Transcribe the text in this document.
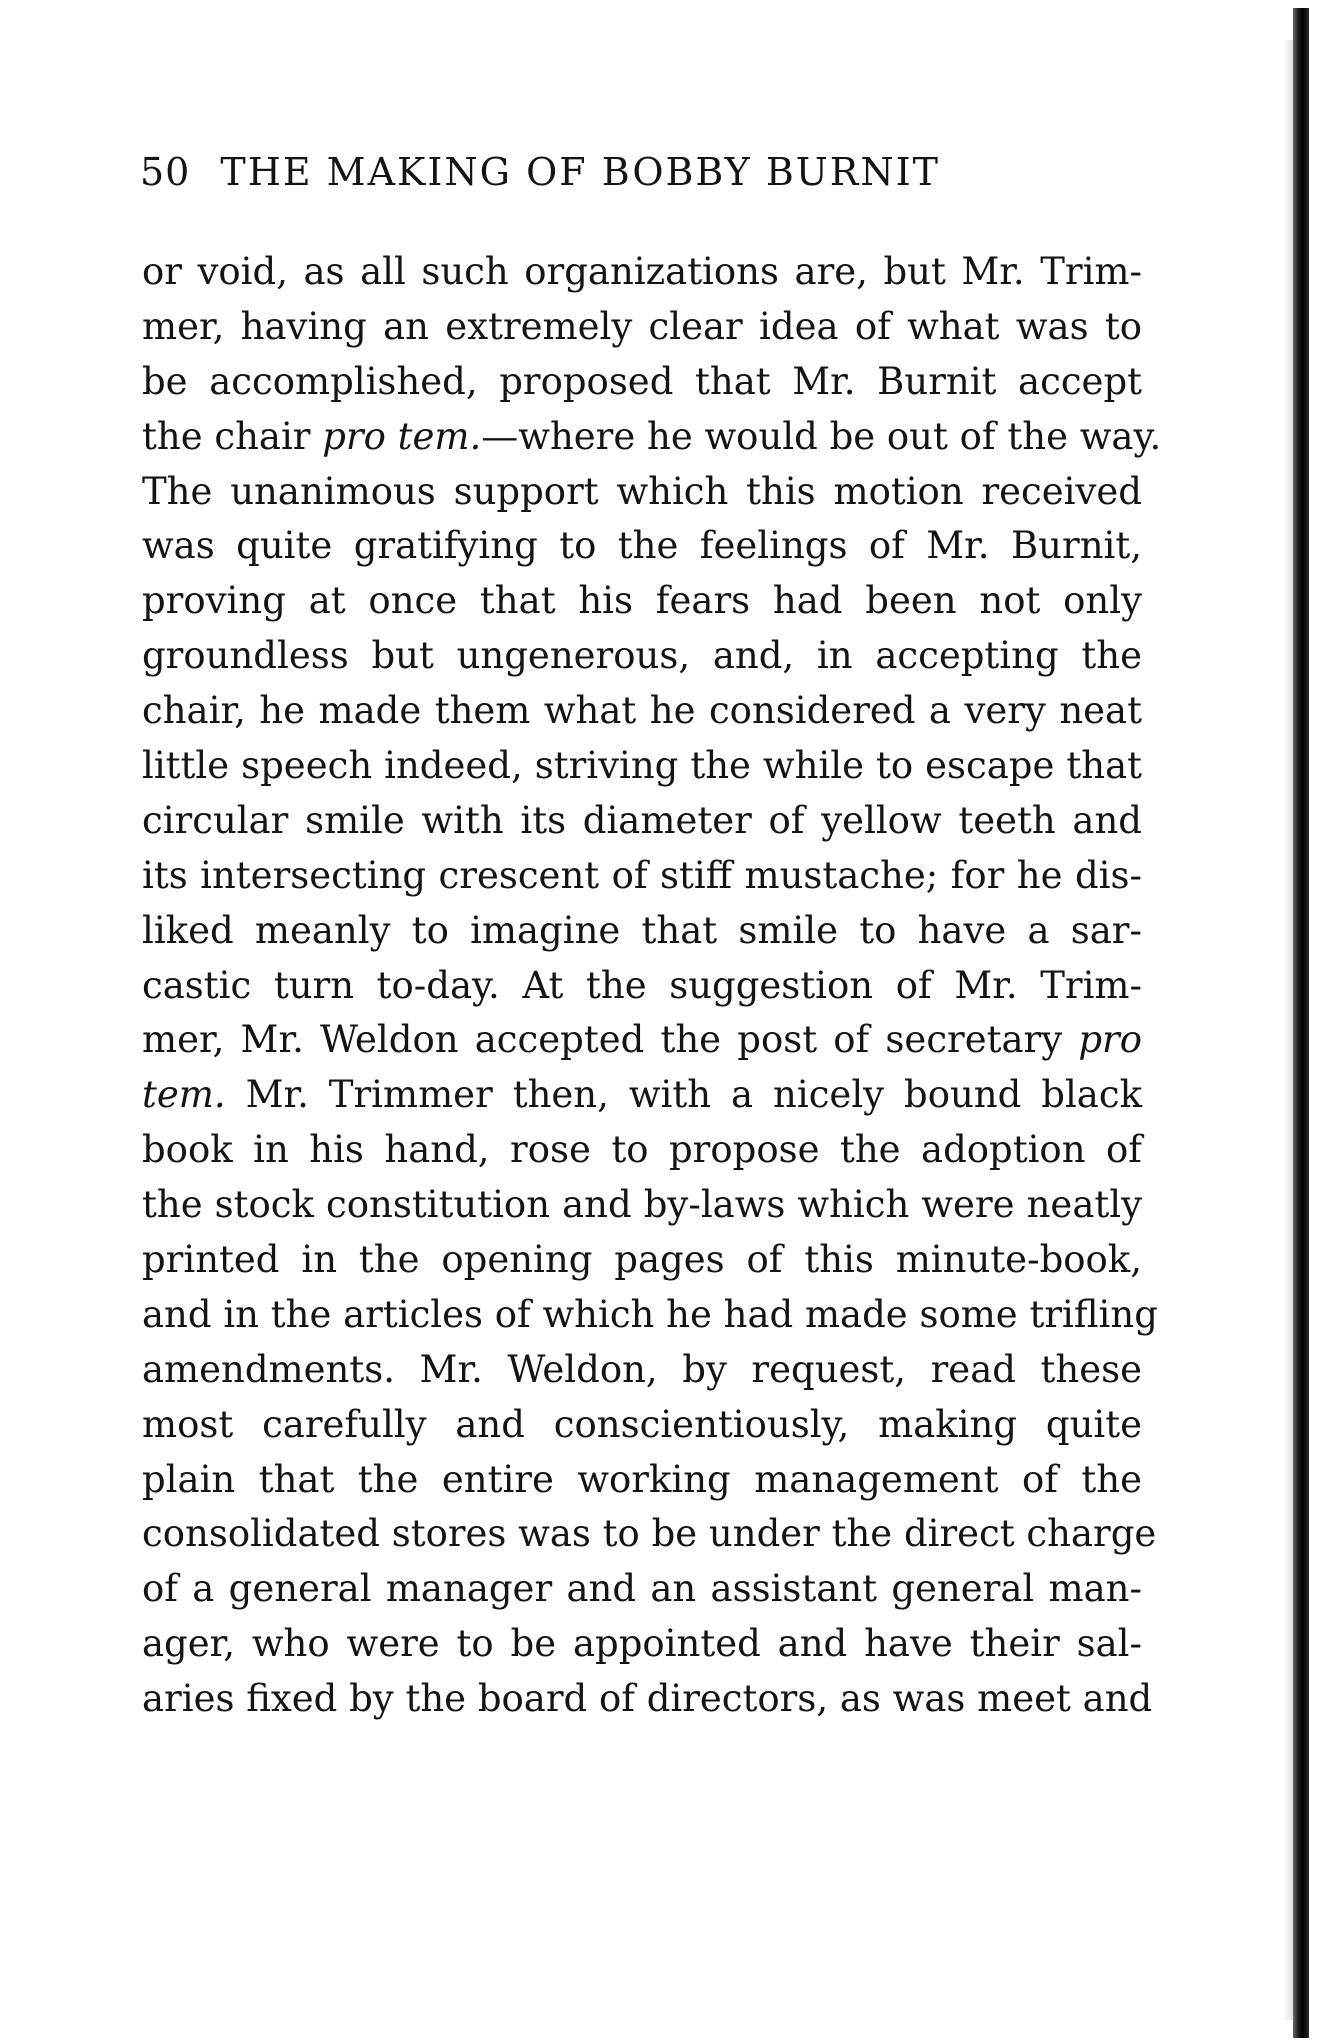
50 THE MAKING OF BOBBY BURNIT
or void, as all such organizations are, but Mr. Trim-
mer, having an extremely clear idea of what was to
be accomplished, proposed that Mr. Burnit accept
the chair pro tem.—where he would be out of the way.
The unanimous support which this motion received
was quite gratifying to the feelings of Mr. Burnit,
proving at once that his fears had been not only
groundless but ungenerous, and, in accepting the
chair, he made them what he considered a very neat
little speech indeed, striving the while to escape that
circular smile with its diameter of yellow teeth and
its intersecting crescent of stiff mustache; for he dis-
liked meanly to imagine that smile to have a sar-
castic turn to-day. At the suggestion of Mr. Trim-
mer, Mr. Weldon accepted the post of secretary pro
tem. Mr. Trimmer then, with a nicely bound black
book in his hand, rose to propose the adoption of
the stock constitution and by-laws which were neatly
printed in the opening pages of this minute-book,
and in the articles of which he had made some trifling
amendments. Mr. Weldon, by request, read these
most carefully and conscientiously, making quite
plain that the entire working management of the
consolidated stores was to be under the direct charge
of a general manager and an assistant general man-
ager, who were to be appointed and have their sal-
aries fixed by the board of directors, as was meet and
